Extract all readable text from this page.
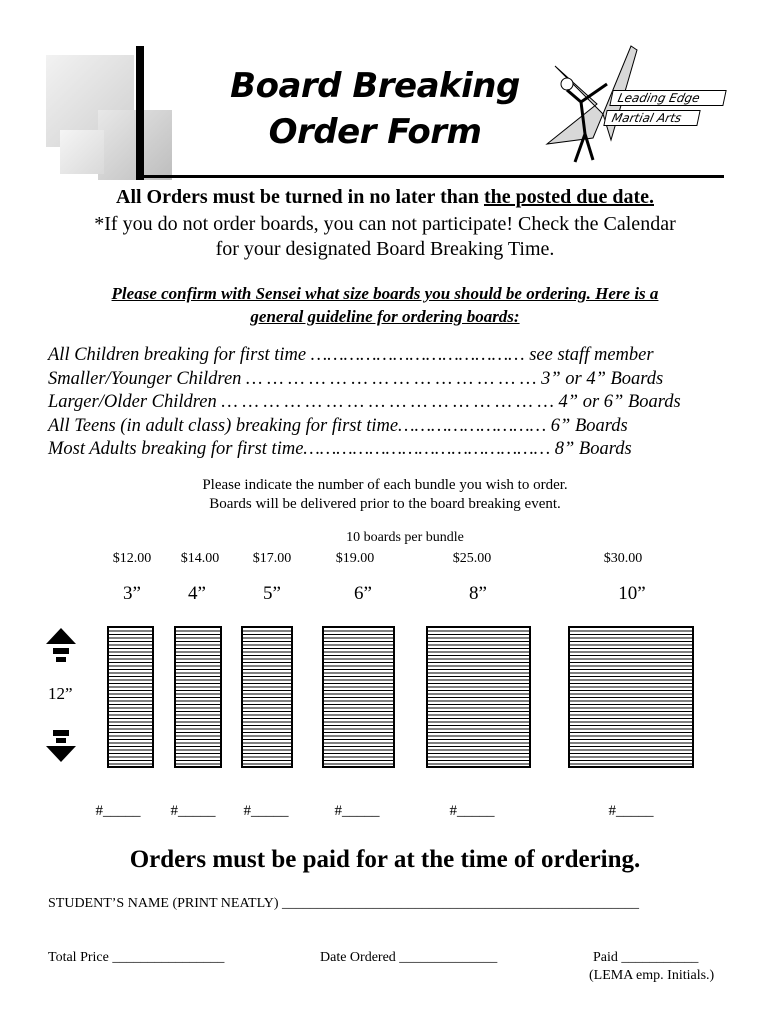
Board Breaking
Order Form
Leading Edge
Martial Arts
All Orders must be turned in no later than the posted due date.
*If you do not order boards, you can not participate! Check the Calendar
for your designated Board Breaking Time.
Please confirm with Sensei what size boards you should be ordering. Here is a
general guideline for ordering boards:
All Children breaking for first time ………………………………… see staff member
Smaller/Younger Children … … … … … … … … … … … … … … 3” or 4” Boards
Larger/Older Children … … … … … … … … … … … … … … … … 4” or 6” Boards
All Teens (in adult class) breaking for first time……………………… 6” Boards
Most Adults breaking for first time……………………………………… 8” Boards
Please indicate the number of each bundle you wish to order.
Boards will be delivered prior to the board breaking event.
10 boards per bundle
$12.00	$14.00	$17.00	$19.00	$25.00	$30.00
3”	4”	5”	6”	8”	10”
12”
#_____	#_____	#_____	#_____	#_____	#_____
Orders must be paid for at the time of ordering.
STUDENT’S NAME (PRINT NEATLY) ___________________________________________________
Total Price ________________	Date Ordered ______________	Paid ___________
(LEMA emp. Initials.)
